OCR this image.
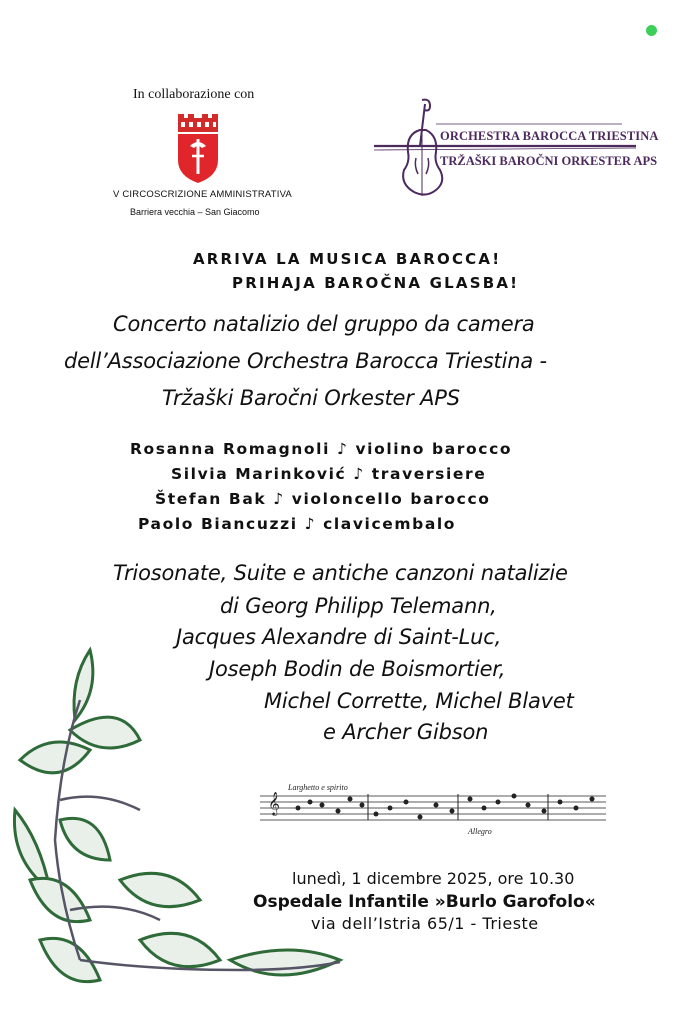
In collaborazione con
V CIRCOSCRIZIONE AMMINISTRATIVA
Barriera vecchia – San Giacomo
ORCHESTRA BAROCCA TRIESTINA
TRŽAŠKI BAROČNI ORKESTER APS
ARRIVA LA MUSICA BAROCCA!
PRIHAJA BAROČNA GLASBA!
Concerto natalizio del gruppo da camera
dell’Associazione Orchestra Barocca Triestina -
Tržaški Baročni Orkester APS
Rosanna Romagnoli ♪ violino barocco
Silvia Marinković ♪ traversiere
Štefan Bak ♪ violoncello barocco
Paolo Biancuzzi ♪ clavicembalo
Triosonate, Suite e antiche canzoni natalizie
di Georg Philipp Telemann,
Jacques Alexandre di Saint-Luc,
Joseph Bodin de Boismortier,
Michel Corrette, Michel Blavet
e Archer Gibson
𝄞
Larghetto e spirito
Allegro
lunedì, 1 dicembre 2025, ore 10.30
Ospedale Infantile »Burlo Garofolo«
via dell’Istria 65/1 - Trieste
